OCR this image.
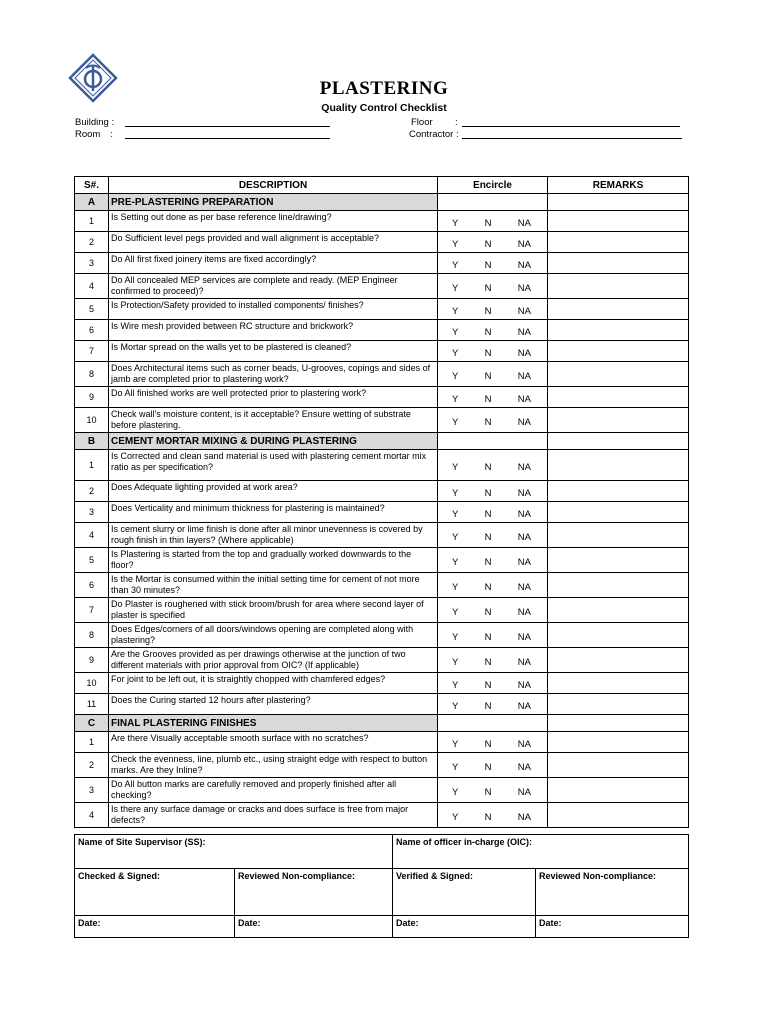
PLASTERING
Quality Control Checklist
Building :
Room :
Floor :
Contractor :
S#.	DESCRIPTION	Encircle	REMARKS
A	PRE-PLASTERING PREPARATION		
1	Is Setting out done as per base reference line/drawing?	Y N NA	

2	Do Sufficient level pegs provided and wall alignment is acceptable?	Y N NA	

3	Do All first fixed joinery items are fixed accordingly?	Y N NA	

4	Do All concealed MEP services are complete and ready. (MEP Engineer confirmed to proceed)?	Y N NA	

5	Is Protection/Safety provided to installed components/ finishes?	Y N NA	

6	Is Wire mesh provided between RC structure and brickwork?	Y N NA	

7	Is Mortar spread on the walls yet to be plastered is cleaned?	Y N NA	

8	Does Architectural items such as corner beads, U-grooves, copings and sides of jamb are completed prior to plastering work?	Y N NA	

9	Do All finished works are well protected prior to plastering work?	Y N NA	

10	Check wall's moisture content, is it acceptable? Ensure wetting of substrate before plastering.	Y N NA	

B	CEMENT MORTAR MIXING & DURING PLASTERING		
1	Is Corrected and clean sand material is used with plastering cement mortar mix ratio as per specification?	Y N NA	

2	Does Adequate lighting provided at work area?	Y N NA	

3	Does Verticality and minimum thickness for plastering is maintained?	Y N NA	

4	Is cement slurry or lime finish is done after all minor unevenness is covered by rough finish in thin layers? (Where applicable)	Y N NA	

5	Is Plastering is started from the top and gradually worked downwards to the floor?	Y N NA	

6	Is the Mortar is consumed within the initial setting time for cement of not more than 30 minutes?	Y N NA	

7	Do Plaster is roughened with stick broom/brush for area where second layer of plaster is specified	Y N NA	

8	Does Edges/corners of all doors/windows opening are completed along with plastering?	Y N NA	

9	Are the Grooves provided as per drawings otherwise at the junction of two different materials with prior approval from OIC? (If applicable)	Y N NA	

10	For joint to be left out, it is straightly chopped with chamfered edges?	Y N NA	

11	Does the Curing started 12 hours after plastering?	Y N NA	

C	FINAL PLASTERING FINISHES		
1	Are there Visually acceptable smooth surface with no scratches?	Y N NA	

2	Check the evenness, line, plumb etc., using straight edge with respect to button marks. Are they Inline?	Y N NA	

3	Do All button marks are carefully removed and properly finished after all checking?	Y N NA	

4	Is there any surface damage or cracks and does surface is free from major defects?	Y N NA	

Name of Site Supervisor (SS):		Name of officer in-charge (OIC):	
Checked & Signed:	Reviewed Non-compliance:	Verified & Signed:	Reviewed Non-compliance:
Date:	Date:	Date:	Date:
